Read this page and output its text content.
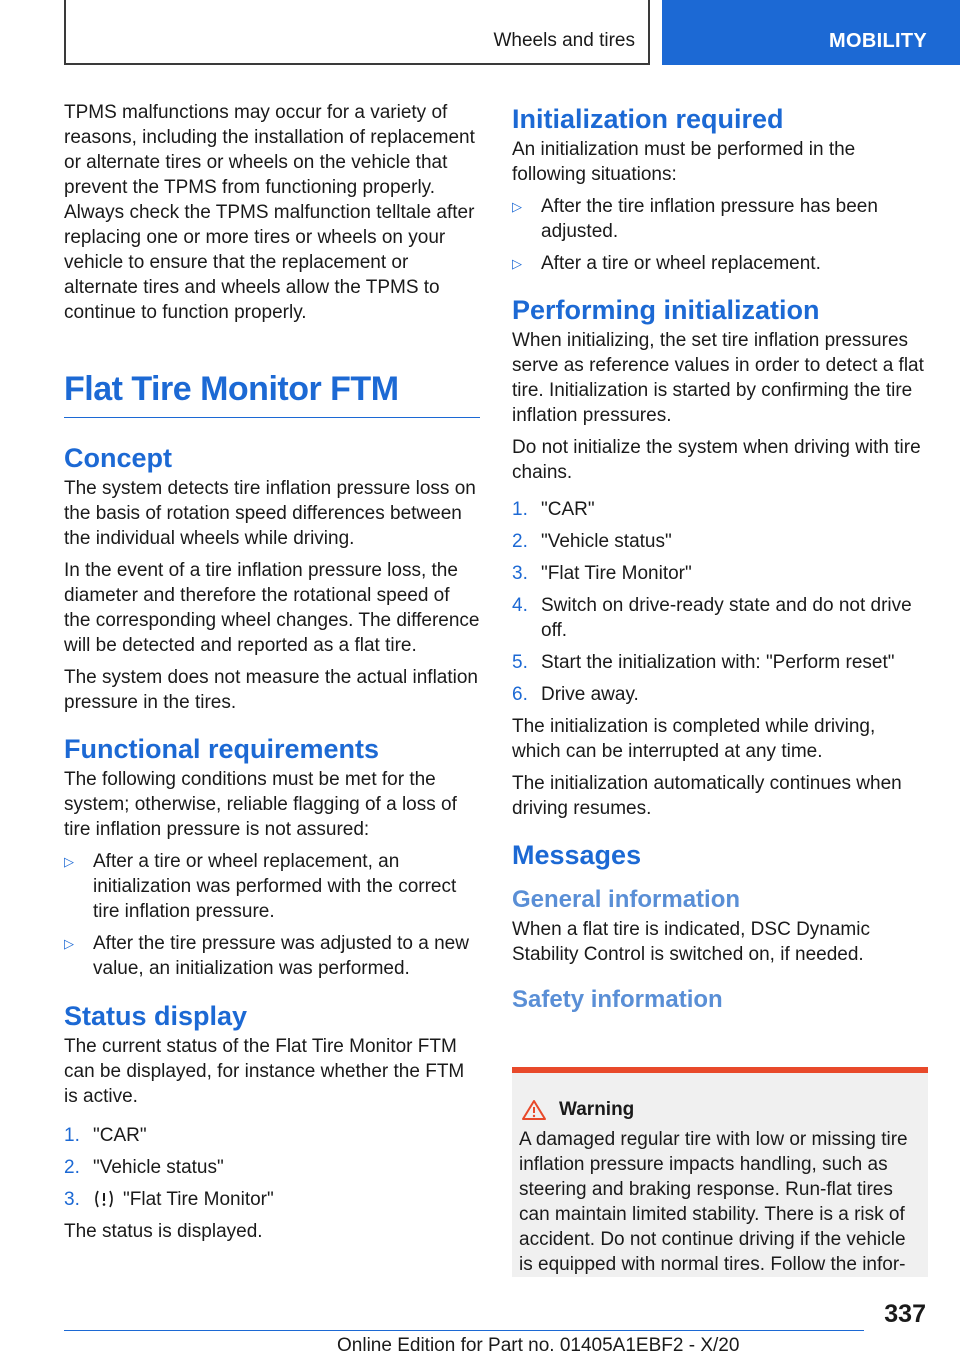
Wheels and tires	MOBILITY

TPMS malfunctions may occur for a variety of reasons, including the installation of replacement or alternate tires or wheels on the vehicle that prevent the TPMS from functioning properly. Always check the TPMS malfunction telltale after replacing one or more tires or wheels on your vehicle to ensure that the replacement or alternate tires and wheels allow the TPMS to continue to function properly.

Flat Tire Monitor FTM
Concept

The system detects tire inflation pressure loss on the basis of rotation speed differences between the individual wheels while driving.

In the event of a tire inflation pressure loss, the diameter and therefore the rotational speed of the corresponding wheel changes. The difference will be detected and reported as a flat tire.

The system does not measure the actual inflation pressure in the tires.

Functional requirements

The following conditions must be met for the system; otherwise, reliable flagging of a loss of tire inflation pressure is not assured:

▷ After a tire or wheel replacement, an initialization was performed with the correct tire inflation pressure.
▷ After the tire pressure was adjusted to a new value, an initialization was performed.
Status display

The current status of the Flat Tire Monitor FTM can be displayed, for instance whether the FTM is active.

1. "CAR"
2. "Vehicle status"
3. "Flat Tire Monitor"

The status is displayed.

Initialization required

An initialization must be performed in the following situations:

▷ After the tire inflation pressure has been adjusted.
▷ After a tire or wheel replacement.
Performing initialization

When initializing, the set tire inflation pressures serve as reference values in order to detect a flat tire. Initialization is started by confirming the tire inflation pressures.

Do not initialize the system when driving with tire chains.

1. "CAR"
2. "Vehicle status"
3. "Flat Tire Monitor"
4. Switch on drive-ready state and do not drive off.
5. Start the initialization with: "Perform reset"
6. Drive away.

The initialization is completed while driving, which can be interrupted at any time.

The initialization automatically continues when driving resumes.

Messages
General information

When a flat tire is indicated, DSC Dynamic Stability Control is switched on, if needed.

Safety information
Warning

A damaged regular tire with low or missing tire inflation pressure impacts handling, such as steering and braking response. Run-flat tires can maintain limited stability. There is a risk of accident. Do not continue driving if the vehicle is equipped with normal tires. Follow the infor-

337
Online Edition for Part no. 01405A1EBF2 - X/20
